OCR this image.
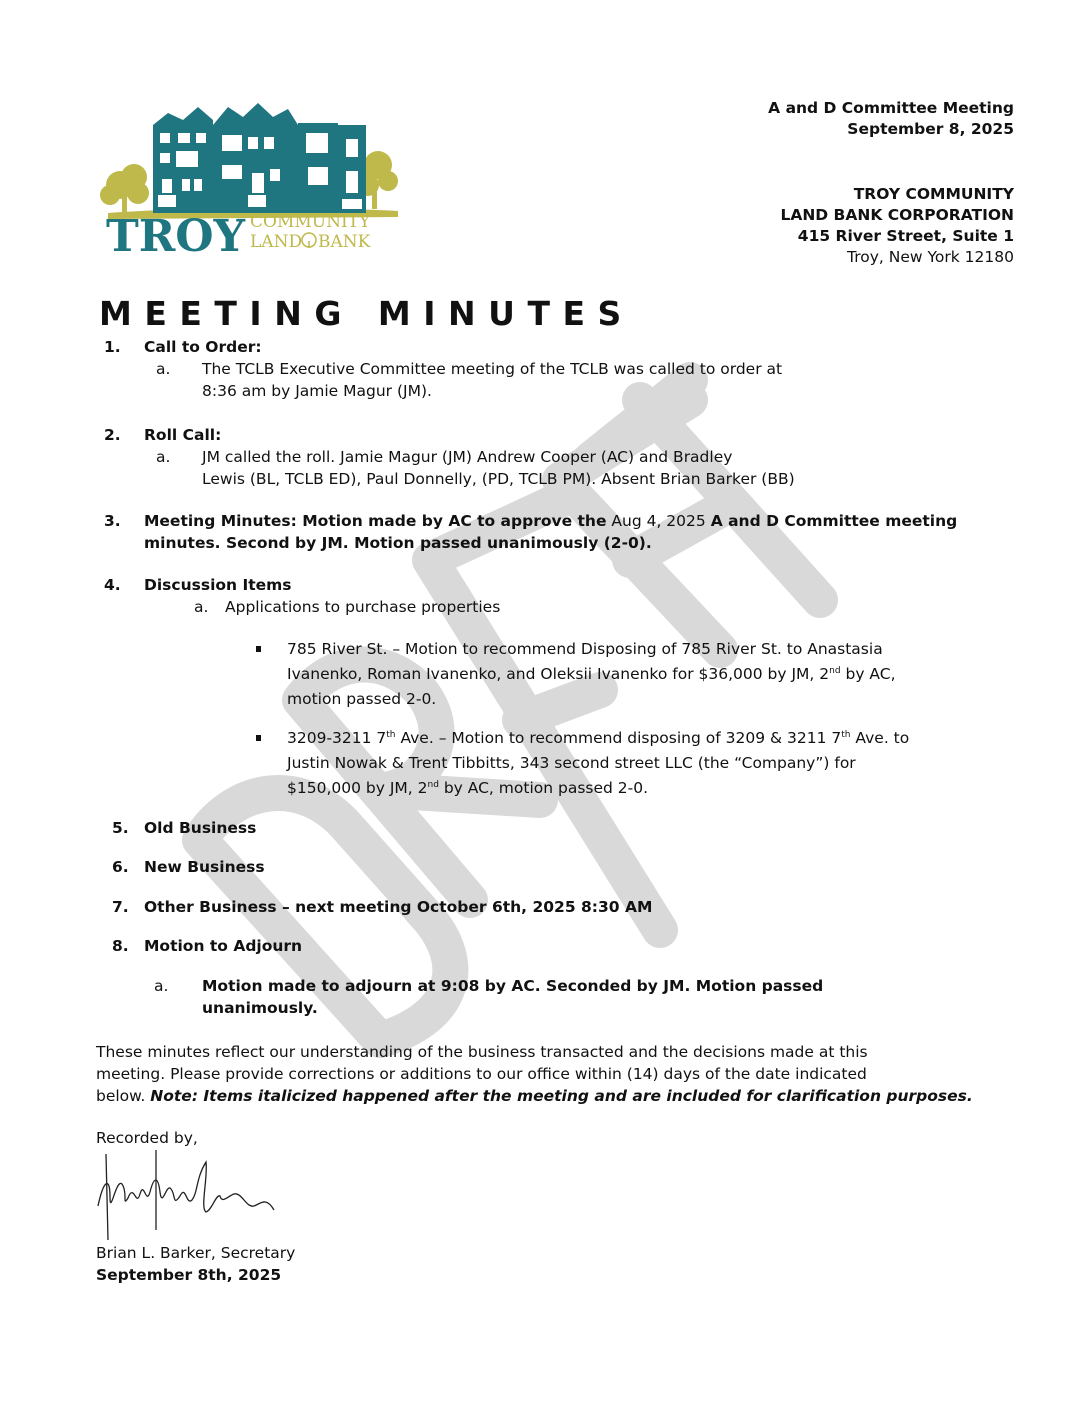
TROY COMMUNITY
LAND BANK
A and D Committee Meeting
September 8, 2025
TROY COMMUNITY
LAND BANK CORPORATION
415 River Street, Suite 1
Troy, New York 12180
MEETING MINUTES
1. Call to Order:
a. The TCLB Executive Committee meeting of the TCLB was called to order at
8:36 am by Jamie Magur (JM).
2. Roll Call:
a. JM called the roll. Jamie Magur (JM) Andrew Cooper (AC) and Bradley
Lewis (BL, TCLB ED), Paul Donnelly, (PD, TCLB PM). Absent Brian Barker (BB)
3. Meeting Minutes: Motion made by AC to approve the Aug 4, 2025 A and D Committee meeting
minutes. Second by JM. Motion passed unanimously (2-0).
4. Discussion Items
a. Applications to purchase properties
785 River St. – Motion to recommend Disposing of 785 River St. to Anastasia
Ivanenko, Roman Ivanenko, and Oleksii Ivanenko for $36,000 by JM, 2nd by AC,
motion passed 2-0.
3209-3211 7th Ave. – Motion to recommend disposing of 3209 & 3211 7th Ave. to
Justin Nowak & Trent Tibbitts, 343 second street LLC (the “Company”) for
$150,000 by JM, 2nd by AC, motion passed 2-0.
5. Old Business
6. New Business
7. Other Business – next meeting October 6th, 2025 8:30 AM
8. Motion to Adjourn
a. Motion made to adjourn at 9:08 by AC. Seconded by JM. Motion passed
unanimously.
These minutes reflect our understanding of the business transacted and the decisions made at this
meeting. Please provide corrections or additions to our office within (14) days of the date indicated
below. Note: Items italicized happened after the meeting and are included for clarification purposes.
Recorded by,
Brian L. Barker, Secretary
September 8th, 2025
